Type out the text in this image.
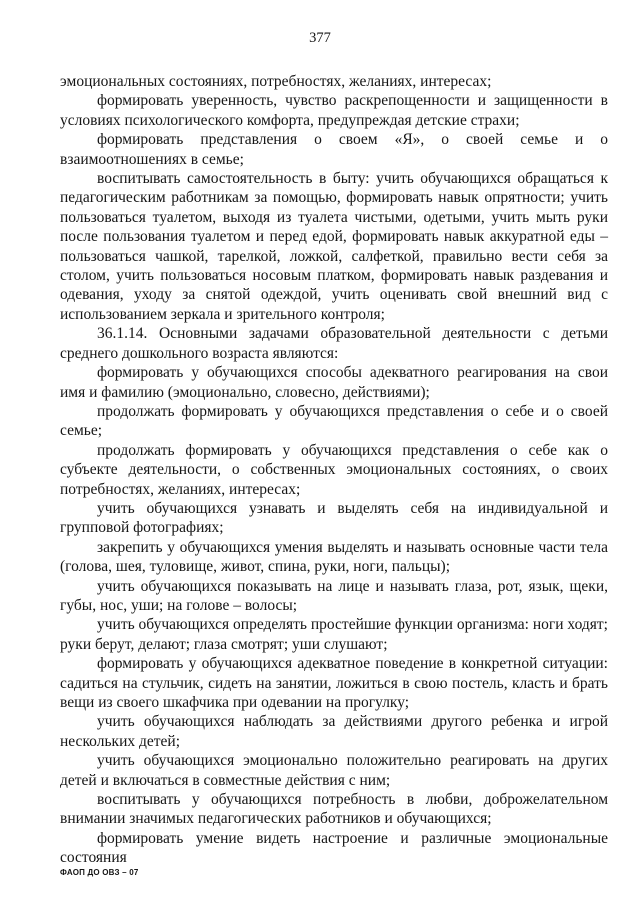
377

эмоциональных состояниях, потребностях, желаниях, интересах;

формировать уверенность, чувство раскрепощенности и защищенности в условиях психологического комфорта, предупреждая детские страхи;

формировать представления о своем «Я», о своей семье и о взаимоотношениях в семье;

воспитывать самостоятельность в быту: учить обучающихся обращаться к педагогическим работникам за помощью, формировать навык опрятности; учить пользоваться туалетом, выходя из туалета чистыми, одетыми, учить мыть руки после пользования туалетом и перед едой, формировать навык аккуратной еды – пользоваться чашкой, тарелкой, ложкой, салфеткой, правильно вести себя за столом, учить пользоваться носовым платком, формировать навык раздевания и одевания, уходу за снятой одеждой, учить оценивать свой внешний вид с использованием зеркала и зрительного контроля;

36.1.14. Основными задачами образовательной деятельности с детьми среднего дошкольного возраста являются:

формировать у обучающихся способы адекватного реагирования на свои имя и фамилию (эмоционально, словесно, действиями);

продолжать формировать у обучающихся представления о себе и о своей семье;

продолжать формировать у обучающихся представления о себе как о субъекте деятельности, о собственных эмоциональных состояниях, о своих потребностях, желаниях, интересах;

учить обучающихся узнавать и выделять себя на индивидуальной и групповой фотографиях;

закрепить у обучающихся умения выделять и называть основные части тела (голова, шея, туловище, живот, спина, руки, ноги, пальцы);

учить обучающихся показывать на лице и называть глаза, рот, язык, щеки, губы, нос, уши; на голове – волосы;

учить обучающихся определять простейшие функции организма: ноги ходят; руки берут, делают; глаза смотрят; уши слушают;

формировать у обучающихся адекватное поведение в конкретной ситуации: садиться на стульчик, сидеть на занятии, ложиться в свою постель, класть и брать вещи из своего шкафчика при одевании на прогулку;

учить обучающихся наблюдать за действиями другого ребенка и игрой нескольких детей;

учить обучающихся эмоционально положительно реагировать на других детей и включаться в совместные действия с ним;

воспитывать у обучающихся потребность в любви, доброжелательном внимании значимых педагогических работников и обучающихся;

формировать умение видеть настроение и различные эмоциональные состояния

ФАОП ДО ОВЗ – 07
